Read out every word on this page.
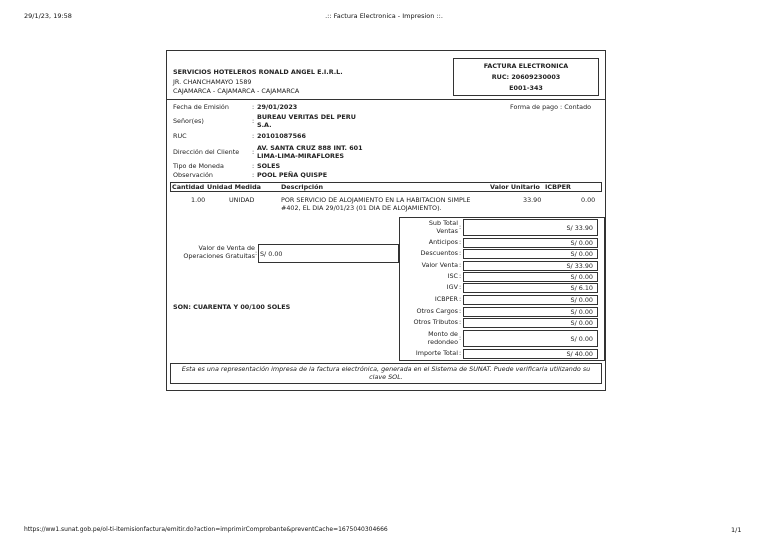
29/1/23, 19:58	.:: Factura Electronica - Impresion ::.
https://ww1.sunat.gob.pe/ol-ti-itemisionfactura/emitir.do?action=imprimirComprobante&preventCache=1675040304666	1/1
SERVICIOS HOTELEROS RONALD ANGEL E.I.R.L.
JR. CHANCHAMAYO 1589
CAJAMARCA - CAJAMARCA - CAJAMARCA
FACTURA ELECTRONICA
RUC: 20609230003
E001-343
Fecha de Emisión	: 29/01/2023	Forma de pago : Contado
Señor(es)	: BUREAU VERITAS DEL PERU
S.A.
RUC	: 20101087566
Dirección del Cliente : AV. SANTA CRUZ 888 INT. 601
LIMA-LIMA-MIRAFLORES
Tipo de Moneda	: SOLES
Observación	: POOL PEÑA QUISPE
Cantidad Unidad Medida	Descripción	Valor Unitario ICBPER
1.00	UNIDAD	POR SERVICIO DE ALOJAMIENTO EN LA HABITACION SIMPLE
#402, EL DIA 29/01/23 (01 DIA DE ALOJAMIENTO).
33.90	0.00
Valor de Venta de
Operaciones Gratuitas : S/ 0.00
SON: CUARENTA Y 00/100 SOLES
Sub Total
Ventas :	S/ 33.90
Anticipos :	S/ 0.00
Descuentos :	S/ 0.00
Valor Venta :	S/ 33.90
ISC :	S/ 0.00
IGV :	S/ 6.10
ICBPER :	S/ 0.00
Otros Cargos :	S/ 0.00
Otros Tributos :	S/ 0.00
Monto de
redondeo :	S/ 0.00
Importe Total :	S/ 40.00
Esta es una representación impresa de la factura electrónica, generada en el Sistema de SUNAT. Puede verificarla utilizando su
clave SOL.
